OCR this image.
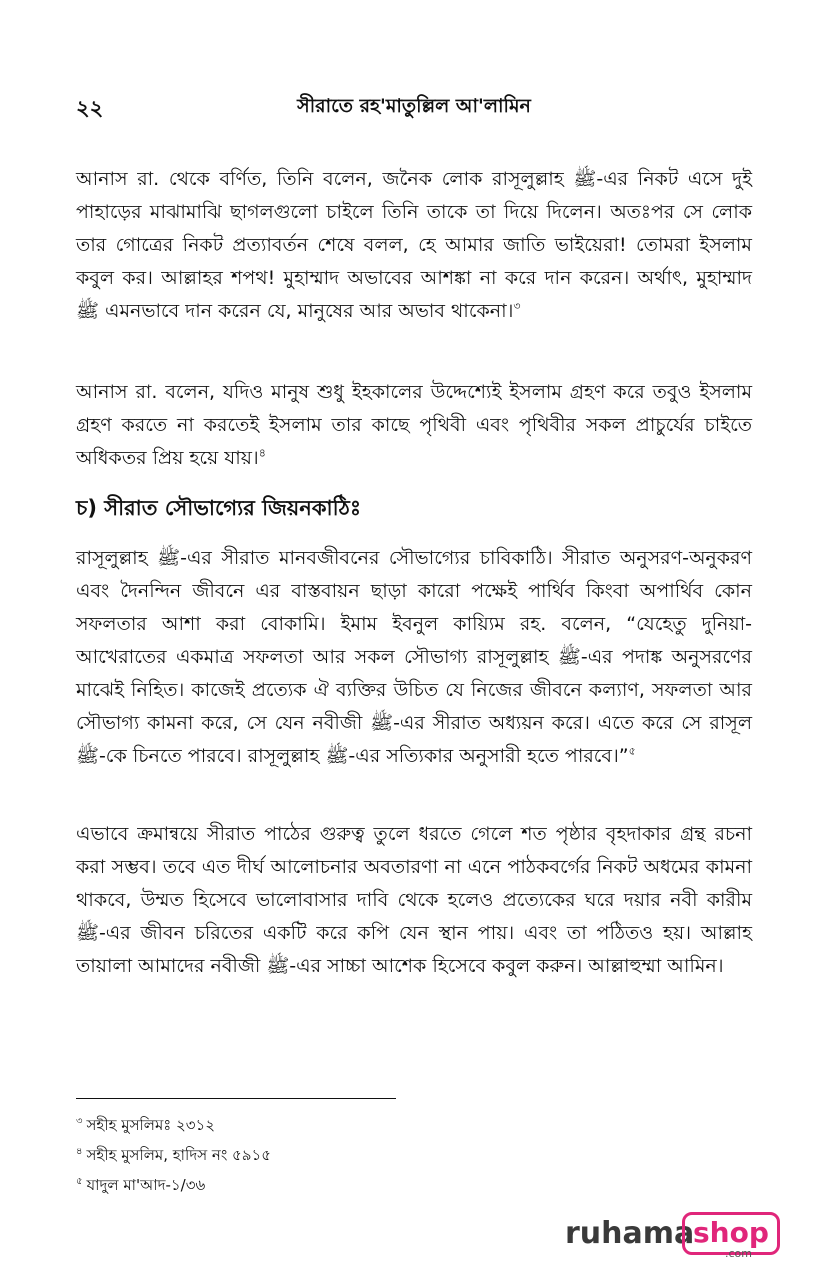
২২	সীরাতে রহ'মাতুল্লিল আ'লামিন
আনাস রা. থেকে বর্ণিত, তিনি বলেন, জনৈক লোক রাসূলুল্লাহ ﷺ-এর নিকট এসে দুই পাহাড়ের মাঝামাঝি ছাগলগুলো চাইলে তিনি তাকে তা দিয়ে দিলেন। অতঃপর সে লোক তার গোত্রের নিকট প্রত্যাবর্তন শেষে বলল, হে আমার জাতি ভাইয়েরা! তোমরা ইসলাম কবুল কর। আল্লাহর শপথ! মুহাম্মাদ অভাবের আশঙ্কা না করে দান করেন। অর্থাৎ, মুহাম্মাদ ﷺ এমনভাবে দান করেন যে, মানুষের আর অভাব থাকেনা।$^৩$
আনাস রা. বলেন, যদিও মানুষ শুধু ইহকালের উদ্দেশ্যেই ইসলাম গ্রহণ করে তবুও ইসলাম গ্রহণ করতে না করতেই ইসলাম তার কাছে পৃথিবী এবং পৃথিবীর সকল প্রাচুর্যের চাইতে অধিকতর প্রিয় হয়ে যায়।$^৪$
চ) সীরাত সৌভাগ্যের জিয়নকাঠিঃ
রাসূলুল্লাহ ﷺ-এর সীরাত মানবজীবনের সৌভাগ্যের চাবিকাঠি। সীরাত অনুসরণ-অনুকরণ এবং দৈনন্দিন জীবনে এর বাস্তবায়ন ছাড়া কারো পক্ষেই পার্থিব কিংবা অপার্থিব কোন সফলতার আশা করা বোকামি। ইমাম ইবনুল কায়্যিম রহ. বলেন, “যেহেতু দুনিয়া-আখেরাতের একমাত্র সফলতা আর সকল সৌভাগ্য রাসূলুল্লাহ ﷺ-এর পদাঙ্ক অনুসরণের মাঝেই নিহিত। কাজেই প্রত্যেক ঐ ব্যক্তির উচিত যে নিজের জীবনে কল্যাণ, সফলতা আর সৌভাগ্য কামনা করে, সে যেন নবীজী ﷺ-এর সীরাত অধ্যয়ন করে। এতে করে সে রাসূল ﷺ-কে চিনতে পারবে। রাসূলুল্লাহ ﷺ-এর সত্যিকার অনুসারী হতে পারবে।”$^৫$
এভাবে ক্রমান্বয়ে সীরাত পাঠের গুরুত্ব তুলে ধরতে গেলে শত পৃষ্ঠার বৃহদাকার গ্রন্থ রচনা করা সম্ভব। তবে এত দীর্ঘ আলোচনার অবতারণা না এনে পাঠকবর্গের নিকট অধমের কামনা থাকবে, উম্মত হিসেবে ভালোবাসার দাবি থেকে হলেও প্রত্যেকের ঘরে দয়ার নবী কারীম ﷺ-এর জীবন চরিতের একটি করে কপি যেন স্থান পায়। এবং তা পঠিতও হয়। আল্লাহ তায়ালা আমাদের নবীজী ﷺ-এর সাচ্চা আশেক হিসেবে কবুল করুন। আল্লাহুম্মা আমিন।
$^৩$ সহীহ মুসলিমঃ ২৩১২
$^৪$ সহীহ মুসলিম, হাদিস নং ৫৯১৫
$^৫$ যাদুল মা'আদ-১/৩৬
ruhama
shop
.com
